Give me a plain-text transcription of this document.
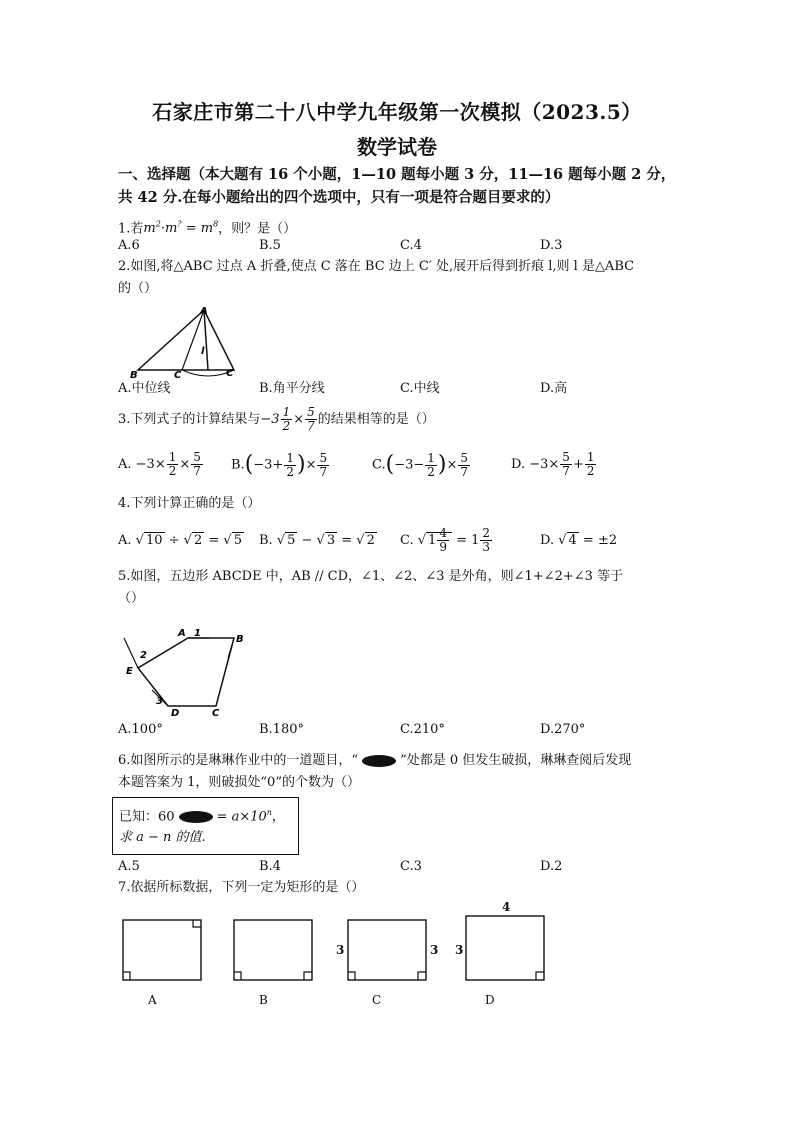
石家庄市第二十八中学九年级第一次模拟（2023.5）
数学试卷
一、选择题（本大题有 16 个小题，1—10 题每小题 3 分，11—16 题每小题 2 分，
共 42 分.在每小题给出的四个选项中，只有一项是符合题目要求的）
1.若$m^2\cdot m^? = m^8$，则？是（）
A.6	B.5	C.4	D.3
2.如图,将△ABC 过点 A 折叠,使点 C 落在 BC 边上 C′ 处,展开后得到折痕 l,则 l 是△ABC
的（）
A
B	C	C
l
A.中位线	B.角平分线	C.中线	D.高
3.下列式子的计算结果与$-3 \frac{1}{2} \times \frac{5}{7}$ 的结果相等的是（）
A. $-3\times \frac{1}{2} \times \frac{5}{7} B.(-3+ \frac{1}{2}$ )× $\frac{5}{7}$	$C.(-3- \frac{1}{2}$ )× $\frac{5}{7}$	D. $-3\times \frac{5}{7} + \frac{1}{2}$
4.下列计算正确的是（）
A. √ 10 ÷ √ 2 = √ 5 B. √ 5 − √ 3 = √ 2 C. √ $1 \frac{4}{9} = 1 \frac{2}{3}$	D. √ 4 = ±2
5.如图，五边形 ABCDE 中，AB // CD，∠1、∠2、∠3 是外角，则∠1+∠2+∠3 等于
（）
A
B
C
D
E
1
2
3
A.100°	B.180°	C.210°	D.270°
6.如图所示的是琳琳作业中的一道题目，“	”处都是 0 但发生破损，琳琳查阅后发现
本题答案为 1，则破损处“0”的个数为（）
已知：60	= $a\times 10^n$，
求 a − n 的值.
A.5	B.4	C.3	D.2
7.依据所标数据，下列一定为矩形的是（）
3	3 3
4
A	B	C	D
